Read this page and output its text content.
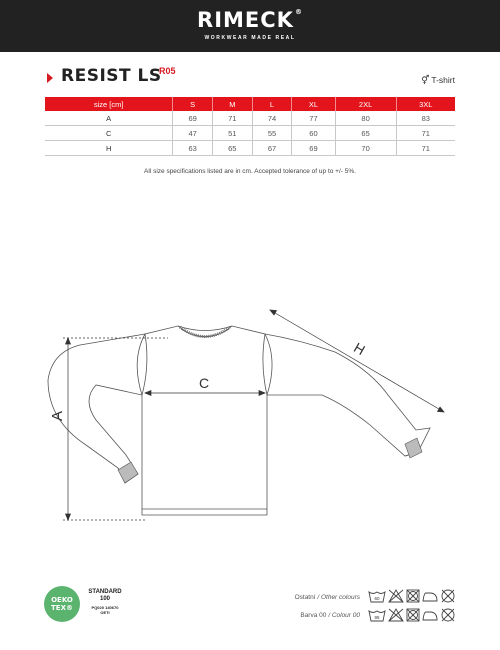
RIMECK®
WORKWEAR MADE REAL
RESIST LS
R05
⚥ T-shirt
size [cm]	S	M	L	XL	2XL	3XL
A	69	71	74	77	80	83
C	47	51	55	60	65	71
H	63	65	67	69	70	71
All size specifications listed are in cm. Accepted tolerance of up to +/- 5%.
A
C
H
OEKO
TEX®
STANDARD
100
PQ020 140670
OETI
Ostatní / Other colours
Barva 00 / Colour 00
60
95
